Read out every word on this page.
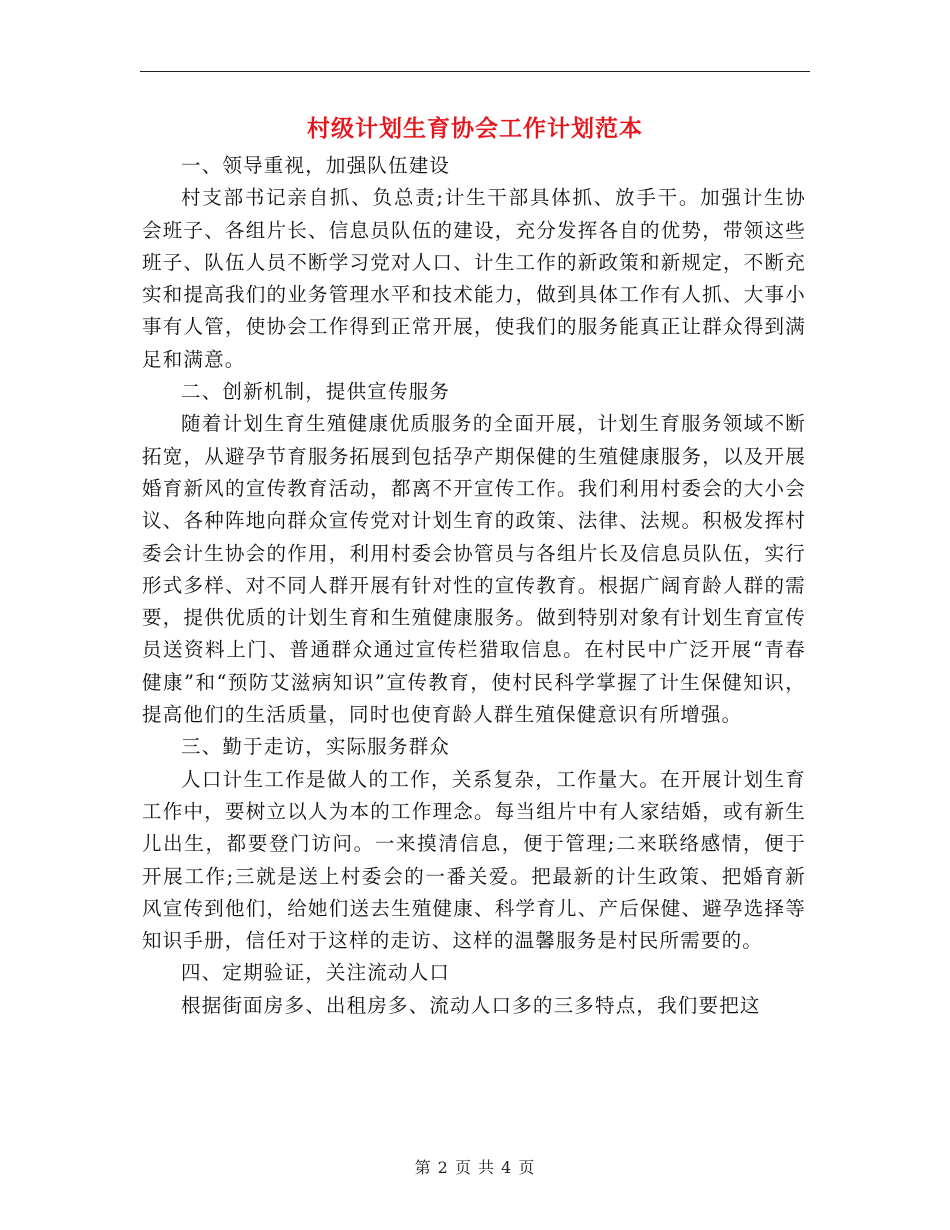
村级计划生育协会工作计划范本

一、领导重视，加强队伍建设

村支部书记亲自抓、负总责;计生干部具体抓、放手干。加强计生协会班子、各组片长、信息员队伍的建设，充分发挥各自的优势，带领这些班子、队伍人员不断学习党对人口、计生工作的新政策和新规定，不断充实和提高我们的业务管理水平和技术能力，做到具体工作有人抓、大事小事有人管，使协会工作得到正常开展，使我们的服务能真正让群众得到满足和满意。

二、创新机制，提供宣传服务

随着计划生育生殖健康优质服务的全面开展，计划生育服务领域不断拓宽，从避孕节育服务拓展到包括孕产期保健的生殖健康服务，以及开展婚育新风的宣传教育活动，都离不开宣传工作。我们利用村委会的大小会议、各种阵地向群众宣传党对计划生育的政策、法律、法规。积极发挥村委会计生协会的作用，利用村委会协管员与各组片长及信息员队伍，实行形式多样、对不同人群开展有针对性的宣传教育。根据广阔育龄人群的需要，提供优质的计划生育和生殖健康服务。做到特别对象有计划生育宣传员送资料上门、普通群众通过宣传栏猎取信息。在村民中广泛开展“青春健康”和“预防艾滋病知识”宣传教育，使村民科学掌握了计生保健知识，提高他们的生活质量，同时也使育龄人群生殖保健意识有所增强。

三、勤于走访，实际服务群众

人口计生工作是做人的工作，关系复杂，工作量大。在开展计划生育工作中，要树立以人为本的工作理念。每当组片中有人家结婚，或有新生儿出生，都要登门访问。一来摸清信息，便于管理;二来联络感情，便于开展工作;三就是送上村委会的一番关爱。把最新的计生政策、把婚育新风宣传到他们，给她们送去生殖健康、科学育儿、产后保健、避孕选择等知识手册，信任对于这样的走访、这样的温馨服务是村民所需要的。

四、定期验证，关注流动人口

根据街面房多、出租房多、流动人口多的三多特点，我们要把这

第 2 页 共 4 页
